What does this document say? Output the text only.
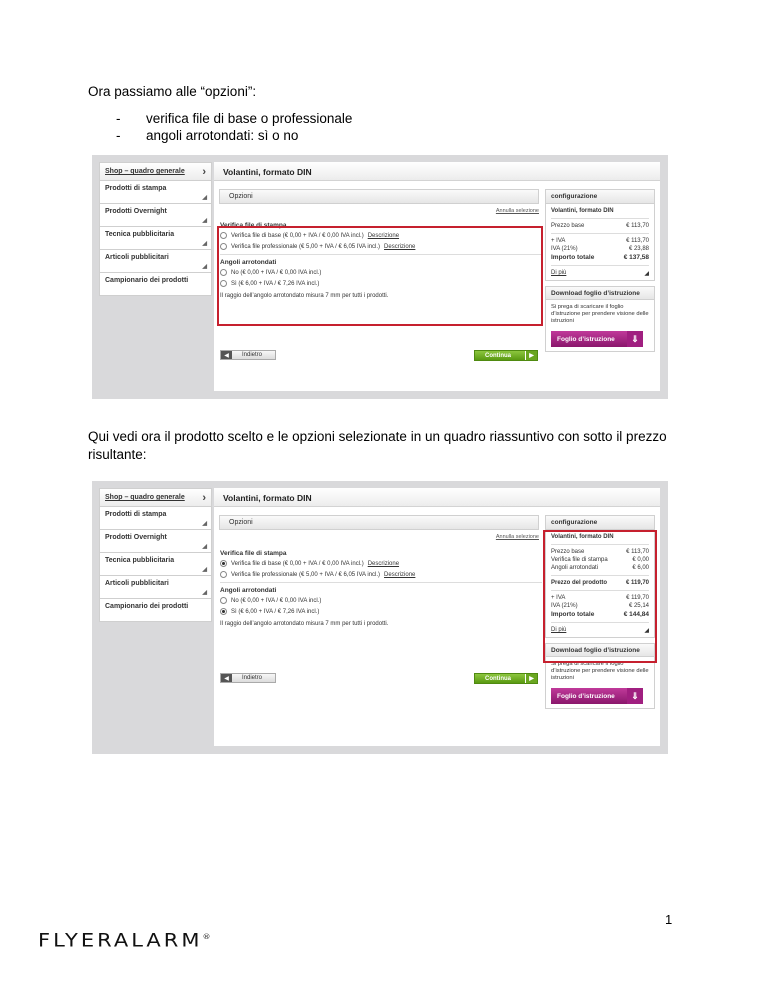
Ora passiamo alle “opzioni”:
- verifica file di base o professionale
- angoli arrotondati: sì o no
Shop – quadro generale ›
Prodotti di stampa
◢
Prodotti Overnight
◢
Tecnica pubblicitaria
◢
Articoli pubblicitari
◢
Campionario dei prodotti
Volantini, formato DIN
Opzioni
Annulla selezione
Verifica file di stampa
Verifica file di base (€ 0,00 + IVA / € 0,00 IVA incl.) Descrizione
Verifica file professionale (€ 5,00 + IVA / € 6,05 IVA incl.) Descrizione
Angoli arrotondati
No (€ 0,00 + IVA / € 0,00 IVA incl.)
Sì (€ 6,00 + IVA / € 7,26 IVA incl.)
Il raggio dell’angolo arrotondato misura 7 mm per tutti i prodotti.
◀	Indietro	Continua	▶
configurazione
Volantini, formato DIN
Prezzo base	€ 113,70
+ IVA	€ 113,70
IVA (21%)	€ 23,88
Importo totale	€ 137,58
Di più	◢
Download foglio d’istruzione
Si prega di scaricare il foglio d’istruzione per prendere visione delle istruzioni
Foglio d’istruzione	⇓
Qui vedi ora il prodotto scelto e le opzioni selezionate in un quadro riassuntivo con sotto il prezzo risultante:
Shop – quadro generale ›
Prodotti di stampa
◢
Prodotti Overnight
◢
Tecnica pubblicitaria
◢
Articoli pubblicitari
◢
Campionario dei prodotti
Volantini, formato DIN
Opzioni
Annulla selezione
Verifica file di stampa
Verifica file di base (€ 0,00 + IVA / € 0,00 IVA incl.) Descrizione
Verifica file professionale (€ 5,00 + IVA / € 6,05 IVA incl.) Descrizione
Angoli arrotondati
No (€ 0,00 + IVA / € 0,00 IVA incl.)
Sì (€ 6,00 + IVA / € 7,26 IVA incl.)
Il raggio dell’angolo arrotondato misura 7 mm per tutti i prodotti.
◀	Indietro	Continua	▶
configurazione
Volantini, formato DIN
Prezzo base	€ 113,70
Verifica file di stampa	€ 0,00
Angoli arrotondati	€ 6,00
Prezzo del prodotto	€ 119,70
+ IVA	€ 119,70
IVA (21%)	€ 25,14
Importo totale	€ 144,84
Di più	◢
Download foglio d’istruzione
Si prega di scaricare il foglio d’istruzione per prendere visione delle istruzioni
Foglio d’istruzione	⇓
FLYERALARM®
1
